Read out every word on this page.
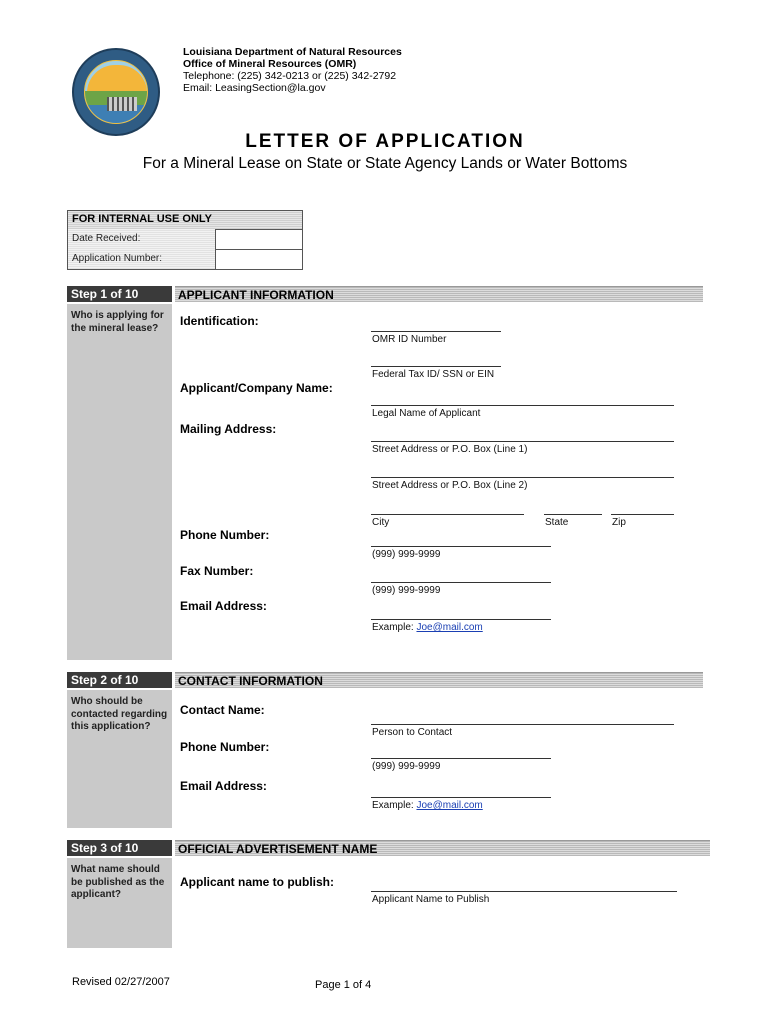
Louisiana Department of Natural Resources
Office of Mineral Resources (OMR)
Telephone: (225) 342-0213 or (225) 342-2792
Email: LeasingSection@la.gov
LETTER OF APPLICATION
For a Mineral Lease on State or State Agency Lands or Water Bottoms
FOR INTERNAL USE ONLY
Date Received:
Application Number:
Step 1 of 10	APPLICANT INFORMATION
Who is applying for the mineral lease?	Identification:
OMR ID Number
Federal Tax ID/ SSN or EIN
Applicant/Company Name:
Legal Name of Applicant
Mailing Address:
Street Address or P.O. Box (Line 1)
Street Address or P.O. Box (Line 2)
City	State	Zip
Phone Number:
(999) 999-9999
Fax Number:
(999) 999-9999
Email Address:
Example: Joe@mail.com
Step 2 of 10	CONTACT INFORMATION
Who should be contacted regarding this application?
Contact Name:
Person to Contact
Phone Number:
(999) 999-9999
Email Address:
Example: Joe@mail.com
Step 3 of 10	OFFICIAL ADVERTISEMENT NAME
What name should be published as the applicant?
Applicant name to publish:
Applicant Name to Publish
Revised 02/27/2007	Page 1 of 4
